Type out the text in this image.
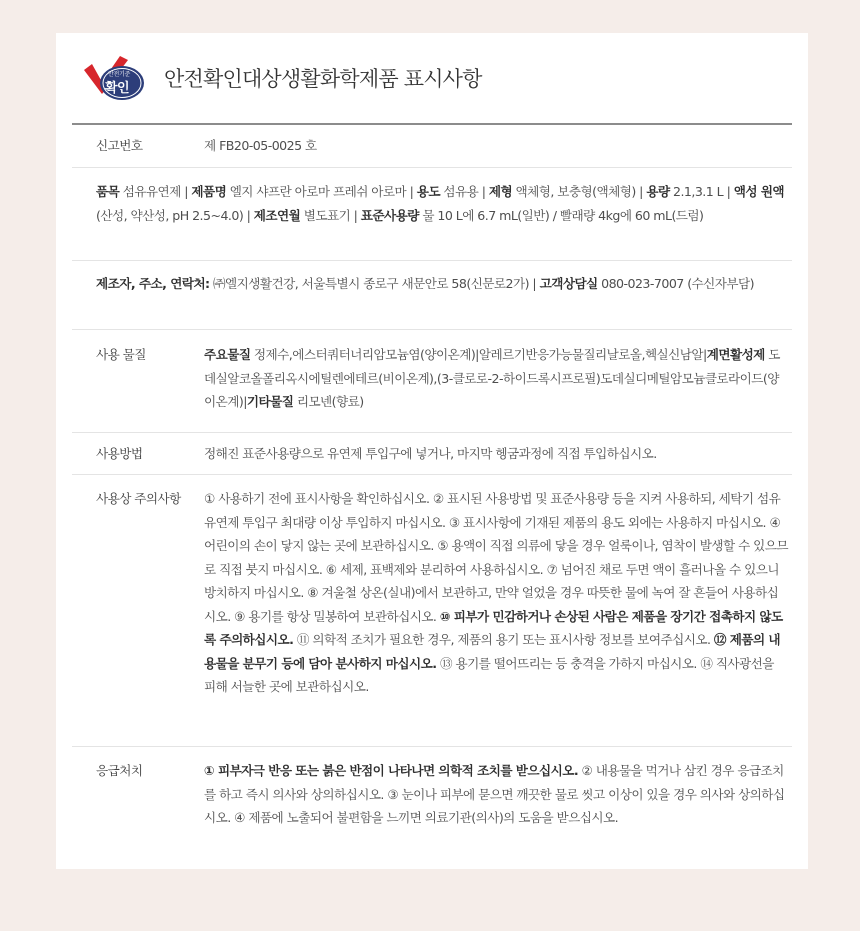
안전기준
확인 안전확인대상생활화학제품 표시사항
신고번호	제 FB20-05-0025 호
품목 섬유유연제 | 제품명 엘지 샤프란 아로마 프레쉬 아로마 | 용도 섬유용 | 제형 액체형, 보충형(액체형) | 용량 2.1,3.1 L | 액성 원액(산성, 약산성, pH 2.5~4.0) | 제조연월 별도표기 | 표준사용량 물 10 L에 6.7 mL(일반) / 빨래량 4kg에 60 mL(드럼)
제조자, 주소, 연락처: ㈜엘지생활건강, 서울특별시 종로구 새문안로 58(신문로2가) | 고객상담실 080-023-7007 (수신자부담)
사용 물질	주요물질 정제수,에스터쿼터너리암모늄염(양이온계)|알레르기반응가능물질리날로올,헥실신남알|계면활성제 도데실알코올폴리옥시에틸렌에테르(비이온계),(3-클로로-2-하이드록시프로필)도데실디메틸암모늄클로라이드(양이온계)|기타물질 리모넨(향료)
사용방법	정해진 표준사용량으로 유연제 투입구에 넣거나, 마지막 헹굼과정에 직접 투입하십시오.
사용상 주의사항	① 사용하기 전에 표시사항을 확인하십시오. ② 표시된 사용방법 및 표준사용량 등을 지켜 사용하되, 세탁기 섬유유연제 투입구 최대량 이상 투입하지 마십시오. ③ 표시사항에 기재된 제품의 용도 외에는 사용하지 마십시오. ④ 어린이의 손이 닿지 않는 곳에 보관하십시오. ⑤ 용액이 직접 의류에 닿을 경우 얼룩이나, 염착이 발생할 수 있으므로 직접 붓지 마십시오. ⑥ 세제, 표백제와 분리하여 사용하십시오. ⑦ 넘어진 채로 두면 액이 흘러나올 수 있으니 방치하지 마십시오. ⑧ 겨울철 상온(실내)에서 보관하고, 만약 얼었을 경우 따뜻한 물에 녹여 잘 흔들어 사용하십시오. ⑨ 용기를 항상 밀봉하여 보관하십시오. ⑩ 피부가 민감하거나 손상된 사람은 제품을 장기간 접촉하지 않도록 주의하십시오. ⑪ 의학적 조치가 필요한 경우, 제품의 용기 또는 표시사항 정보를 보여주십시오. ⑫ 제품의 내용물을 분무기 등에 담아 분사하지 마십시오. ⑬ 용기를 떨어뜨리는 등 충격을 가하지 마십시오. ⑭ 직사광선을 피해 서늘한 곳에 보관하십시오.
응급처치	① 피부자극 반응 또는 붉은 반점이 나타나면 의학적 조치를 받으십시오. ② 내용물을 먹거나 삼킨 경우 응급조치를 하고 즉시 의사와 상의하십시오. ③ 눈이나 피부에 묻으면 깨끗한 물로 씻고 이상이 있을 경우 의사와 상의하십시오. ④ 제품에 노출되어 불편함을 느끼면 의료기관(의사)의 도움을 받으십시오.
